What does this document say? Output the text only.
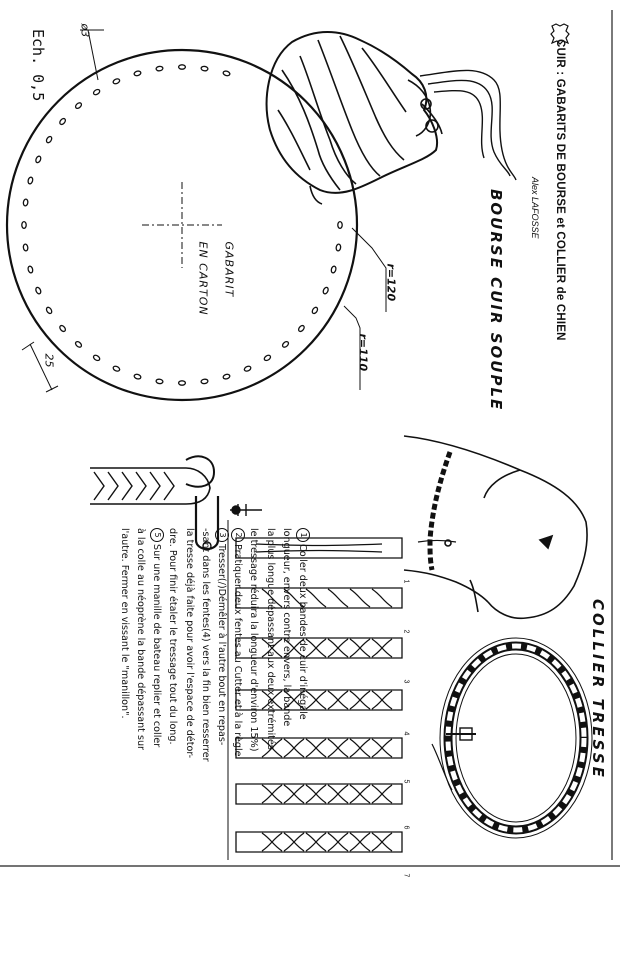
CUIR : GABARITS DE BOURSE et COLLIER de CHIEN
Alex LAFOSSE
Ech. 0,5
BOURSE CUIR SOUPLE
GABARIT
EN CARTON
ø3
25
r=120
r=110
COLLIER TRESSE
1
2
3
4
5
6
7

1Coller deux bandes de cuir d'inégale

longueur, envers contre envers, la bande

la plus longue dépassant aux deux extrémités

le tressage réduira la longueur d'environ 15%)

2Pratiquer deux fentes au Cutter et à la règle

3Tresser(/)Démêler à l'autre bout en repas-

-sant dans les fentes(4) vers la fin bien resserrer

la tresse déjà faite pour avoir l'espace de détor-

dre. Pour finir étaler le tressage tout du long.

5Sur une manille de bateau replier et coller

à la colle au néoprène la bande dépassant sur

l'autre. Fermer en vissant le "manillon".
